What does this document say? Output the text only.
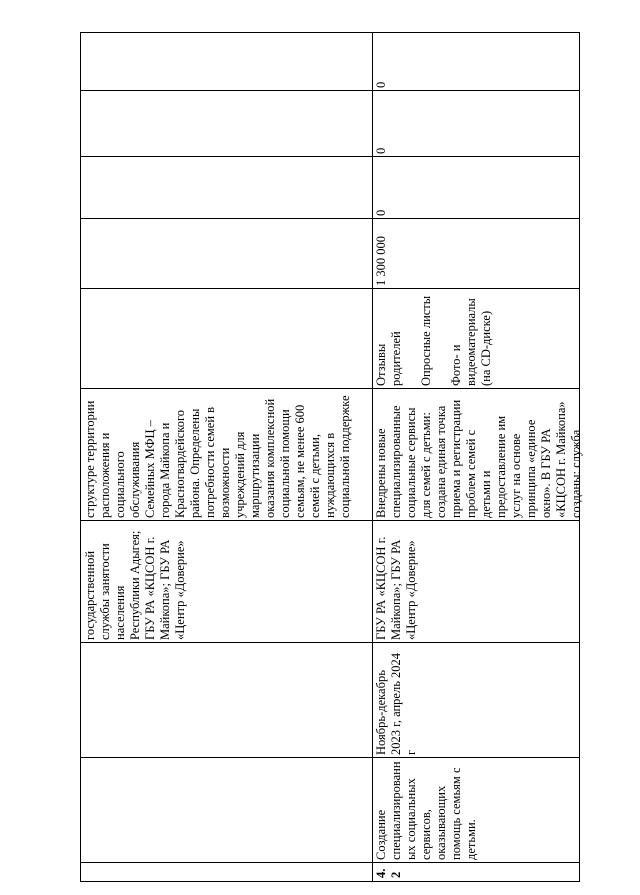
государственной службы занятости населения Республики Адыгея; ГБУ РА «КЦСОН г. Майкопа»; ГБУ РА «Центр «Доверие»
структуре территории расположения и социального обслуживания Семейных МФЦ – города Майкопа и Красногвардейского района. Определены потребности семей в возможности учреждений для маршрутизации оказания комплексной социальной помощи семьям, не менее 600 семей с детьми, нуждающихся в социальной поддержке
4.2
Создание специализированных социальных сервисов, оказывающих помощь семьям с детьми.
Ноябрь-декабрь 2023 г, апрель 2024 г
ГБУ РА «КЦСОН г. Майкопа»; ГБУ РА «Центр «Доверие»
Внедрены новые специализированные социальные сервисы для семей с детьми: создана единая точка приема и регистрации проблем семей с детьми и предоставление им услуг на основе принципа «единое окно». В ГБУ РА «КЦСОН г. Майкопа» созданы: служба
Отзывы родителей

Опросные листы

Фото- и видеоматериалы (на CD-диске)
1 300 000
0
0
0
